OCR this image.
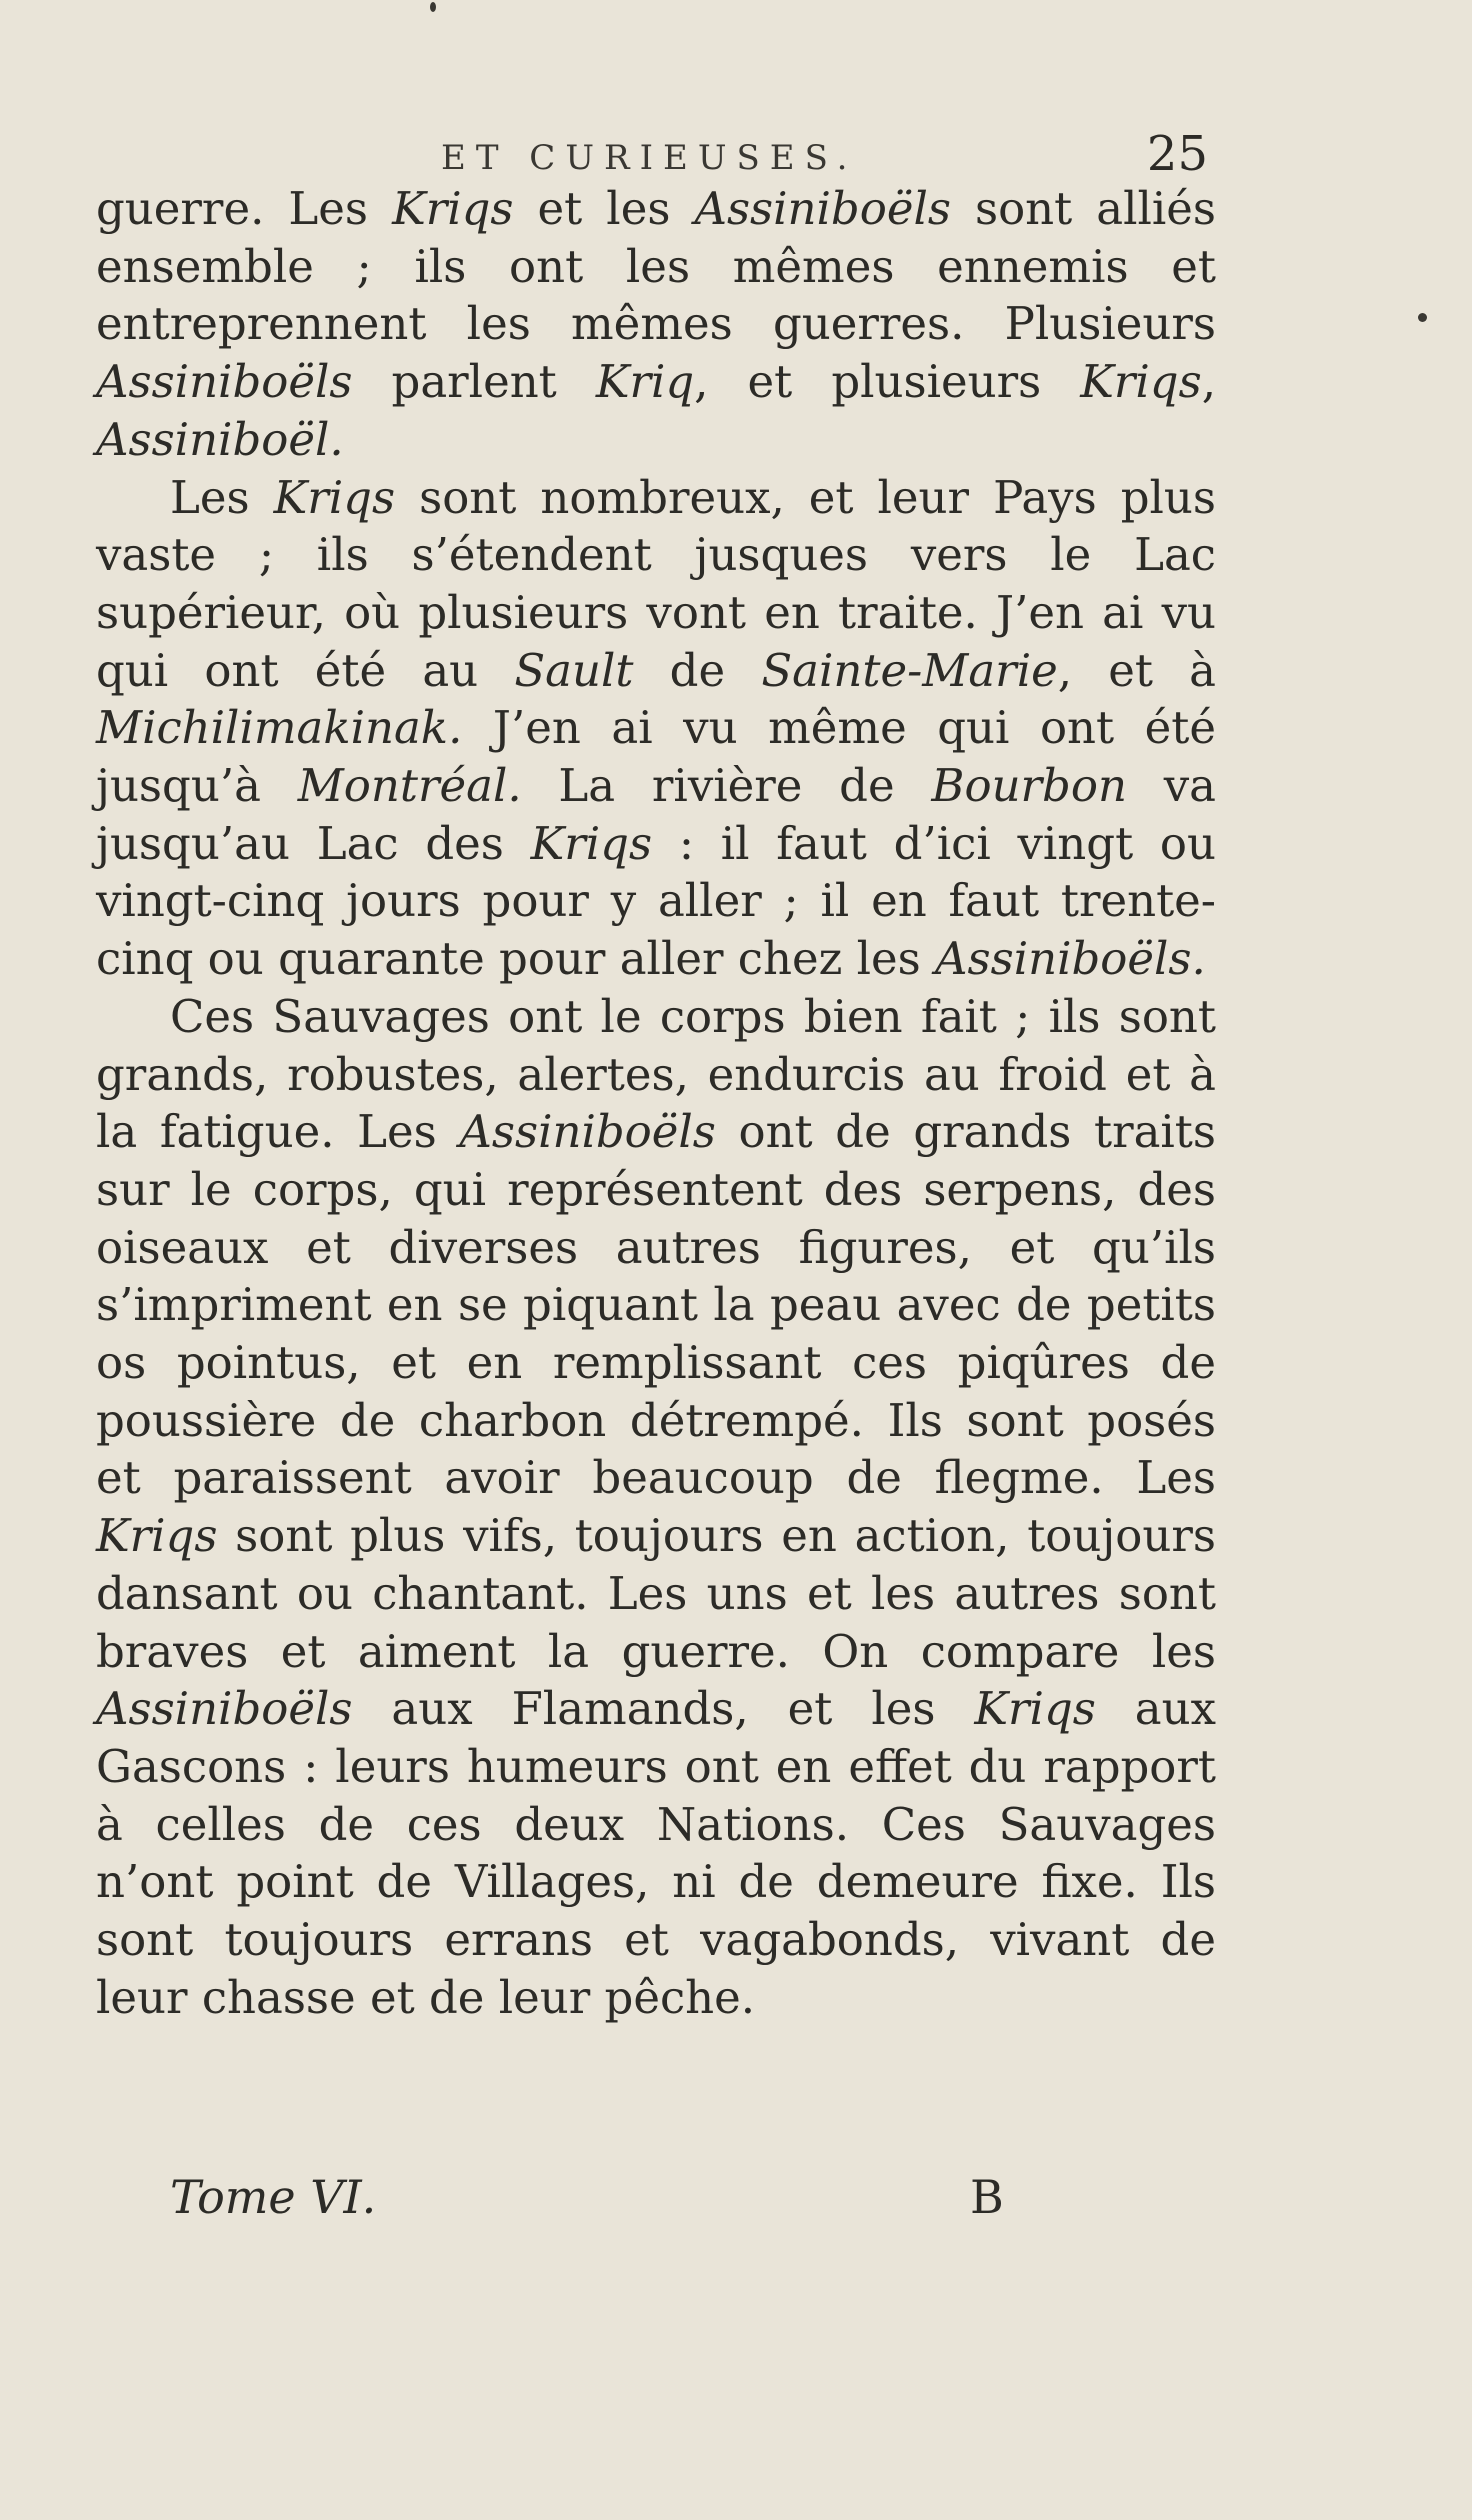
ET CURIEUSES.	25

guerre. Les Kriqs et les Assiniboëls sont alliés ensemble ; ils ont les mêmes ennemis et entreprennent les mêmes guerres. Plusieurs Assiniboëls parlent Kriq, et plusieurs Kriqs, Assiniboël.

Les Kriqs sont nombreux, et leur Pays plus vaste ; ils s’étendent jusques vers le Lac supérieur, où plusieurs vont en traite. J’en ai vu qui ont été au Sault de Sainte-Marie, et à Michilimakinak. J’en ai vu même qui ont été jusqu’à Montréal. La rivière de Bourbon va jusqu’au Lac des Kriqs : il faut d’ici vingt ou vingt-cinq jours pour y aller ; il en faut trente-cinq ou quarante pour aller chez les Assiniboëls.

Ces Sauvages ont le corps bien fait ; ils sont grands, robustes, alertes, endurcis au froid et à la fatigue. Les Assiniboëls ont de grands traits sur le corps, qui représentent des serpens, des oiseaux et diverses autres figures, et qu’ils s’impriment en se piquant la peau avec de petits os pointus, et en remplissant ces piqûres de poussière de charbon détrempé. Ils sont posés et paraissent avoir beaucoup de flegme. Les Kriqs sont plus vifs, toujours en action, toujours dansant ou chantant. Les uns et les autres sont braves et aiment la guerre. On compare les Assiniboëls aux Flamands, et les Kriqs aux Gascons : leurs humeurs ont en effet du rapport à celles de ces deux Nations. Ces Sauvages n’ont point de Villages, ni de demeure fixe. Ils sont toujours errans et vagabonds, vivant de leur chasse et de leur pêche.

Tome VI.	B
